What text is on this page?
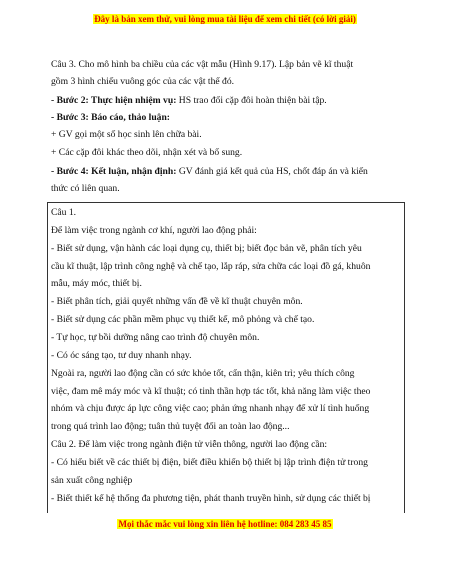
Đây là bản xem thử, vui lòng mua tài liệu để xem chi tiết (có lời giải)
Câu 3. Cho mô hình ba chiều của các vật mẫu (Hình 9.17). Lập bản vẽ kĩ thuật
gồm 3 hình chiếu vuông góc của các vật thể đó.
- Bước 2: Thực hiện nhiệm vụ: HS trao đổi cặp đôi hoàn thiện bài tập.
- Bước 3: Báo cáo, thảo luận:
+ GV gọi một số học sinh lên chữa bài.
+ Các cặp đôi khác theo dõi, nhận xét và bổ sung.
- Bước 4: Kết luận, nhận định: GV đánh giá kết quả của HS, chốt đáp án và kiến
thức có liên quan.
Câu 1.
Để làm việc trong ngành cơ khí, người lao động phải:
- Biết sử dụng, vận hành các loại dụng cụ, thiết bị; biết đọc bản vẽ, phân tích yêu
cầu kĩ thuật, lập trình công nghệ và chế tạo, lắp ráp, sửa chữa các loại đồ gá, khuôn
mẫu, máy móc, thiết bị.
- Biết phân tích, giải quyết những vấn đề về kĩ thuật chuyên môn.
- Biết sử dụng các phần mềm phục vụ thiết kế, mô phỏng và chế tạo.
- Tự học, tự bồi dưỡng nâng cao trình độ chuyên môn.
- Có óc sáng tạo, tư duy nhanh nhạy.
Ngoài ra, người lao động cần có sức khỏe tốt, cẩn thận, kiên trì; yêu thích công
việc, đam mê máy móc và kĩ thuật; có tinh thần hợp tác tốt, khả năng làm việc theo
nhóm và chịu được áp lực công việc cao; phản ứng nhanh nhạy để xử lí tình huống
trong quá trình lao động; tuân thủ tuyệt đối an toàn lao động...
Câu 2. Để làm việc trong ngành điện tử viễn thông, người lao động cần:
- Có hiểu biết về các thiết bị điện, biết điều khiển bộ thiết bị lập trình điện tử trong
sản xuất công nghiệp
- Biết thiết kế hệ thống đa phương tiện, phát thanh truyền hình, sử dụng các thiết bị
Mọi thắc mắc vui lòng xin liên hệ hotline: 084 283 45 85
